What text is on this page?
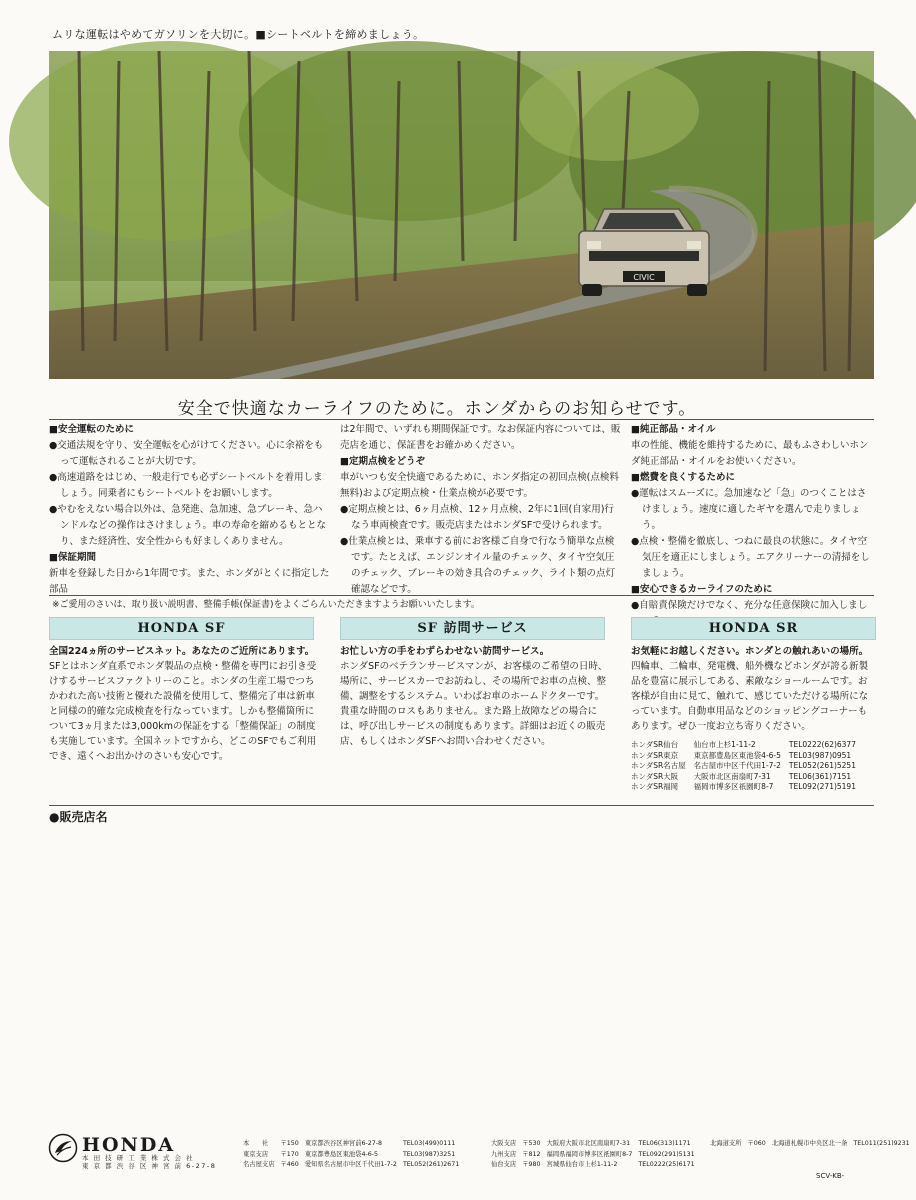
ムリな運転はやめてガソリンを大切に。■シートベルトを締めましょう。
CIVIC
安全で快適なカーライフのために。ホンダからのお知らせです。
■ 安全運転のために
● 交通法規を守り、安全運転を心がけてください。心に余裕をもって運転されることが大切です。
● 高速道路をはじめ、一般走行でも必ずシートベルトを着用しましょう。同乗者にもシートベルトをお願いします。
● やむをえない場合以外は、急発進、急加速、急ブレーキ、急ハンドルなどの操作はさけましょう。車の寿命を縮めるもととなり、また経済性、安全性からも好ましくありません。
■ 保証期間
新車を登録した日から1年間です。また、ホンダがとくに指定した部品
は2年間で、いずれも期間保証です。なお保証内容については、販売店を通じ、保証書をお確かめください。
■ 定期点検をどうぞ
車がいつも安全快適であるために、ホンダ指定の初回点検(点検料無料)および定期点検・仕業点検が必要です。
● 定期点検とは、6ヶ月点検、12ヶ月点検、2年に1回(自家用)行なう車両検査です。販売店またはホンダSFで受けられます。
● 仕業点検とは、乗車する前にお客様ご自身で行なう簡単な点検です。たとえば、エンジンオイル量のチェック、タイヤ空気圧のチェック、ブレーキの効き具合のチェック、ライト類の点灯確認などです。
■ 純正部品・オイル
車の性能、機能を維持するために、最もふさわしいホンダ純正部品・オイルをお使いください。
■ 燃費を良くするために
● 運転はスムーズに。急加速など「急」のつくことはさけましょう。速度に適したギヤを選んで走りましょう。
● 点検・整備を徹底し、つねに最良の状態に。タイヤ空気圧を適正にしましょう。エアクリーナーの清掃をしましょう。
■ 安心できるカーライフのために
● 自賠責保険だけでなく、充分な任意保険に加入しまし
※ご愛用のさいは、取り扱い説明書、整備手帳(保証書)をよくごらんいただきますようお願いいたします。
HONDA SF	SF 訪問サービス	HONDA SR
全国224ヵ所のサービスネット。あなたのご近所にあります。
SFとはホンダ直系でホンダ製品の点検・整備を専門にお引き受けするサービスファクトリーのこと。ホンダの生産工場でつちかわれた高い技術と優れた設備を使用して、整備完了車は新車と同様の的確な完成検査を行なっています。しかも整備箇所について3ヵ月または3,000kmの保証をする「整備保証」の制度も実施しています。全国ネットですから、どこのSFでもご利用でき、遠くへお出かけのさいも安心です。
お忙しい方の手をわずらわせない訪問サービス。
ホンダSFのベテランサービスマンが、お客様のご希望の日時、場所に、サービスカーでお訪ねし、その場所でお車の点検、整備、調整をするシステム。いわばお車のホームドクターです。貴重な時間のロスもありません。また路上故障などの場合には、呼び出しサービスの制度もあります。詳細はお近くの販売店、もしくはホンダSFへお問い合わせください。
お気軽にお越しください。ホンダとの触れあいの場所。
四輪車、二輪車、発電機、船外機などホンダが誇る新製品を豊富に展示してある、素敵なショールームです。お客様が自由に見て、触れて、感じていただける場所になっています。自動車用品などのショッピングコーナーもあります。ぜひ一度お立ち寄りください。
ホンダSR仙台	仙台市上杉1-11-2	TEL0222(62)6377
ホンダSR東京	東京都豊島区東池袋4-6-5	TEL03(987)0951
ホンダSR名古屋	名古屋市中区千代田1-7-2	TEL052(261)5251
ホンダSR大阪	大阪市北区南扇町7-31	TEL06(361)7151
ホンダSR福岡	福岡市博多区祇園町8-7	TEL092(271)5191
● 販売店名
HONDA
本 田 技 研 工 業 株 式 会 社
東 京 都 渋 谷 区 神 宮 前 6-27-8
本　　社	〒150	東京都渋谷区神宮前6-27-8	TEL03(499)0111
東京支店	〒170	東京都豊島区東池袋4-6-5	TEL03(987)3251
名古屋支店	〒460	愛知県名古屋市中区千代田1-7-2	TEL052(261)2671
大阪支店	〒530	大阪府大阪市北区南扇町7-31	TEL06(313)1171
九州支店	〒812	福岡県福岡市博多区祇園町8-7	TEL092(291)5131
仙台支店	〒980	宮城県仙台市上杉1-11-2	TEL0222(25)6171
北海道支所	〒060	北海道札幌市中央区北一条	TEL011(251)9231
SCV-KB-
